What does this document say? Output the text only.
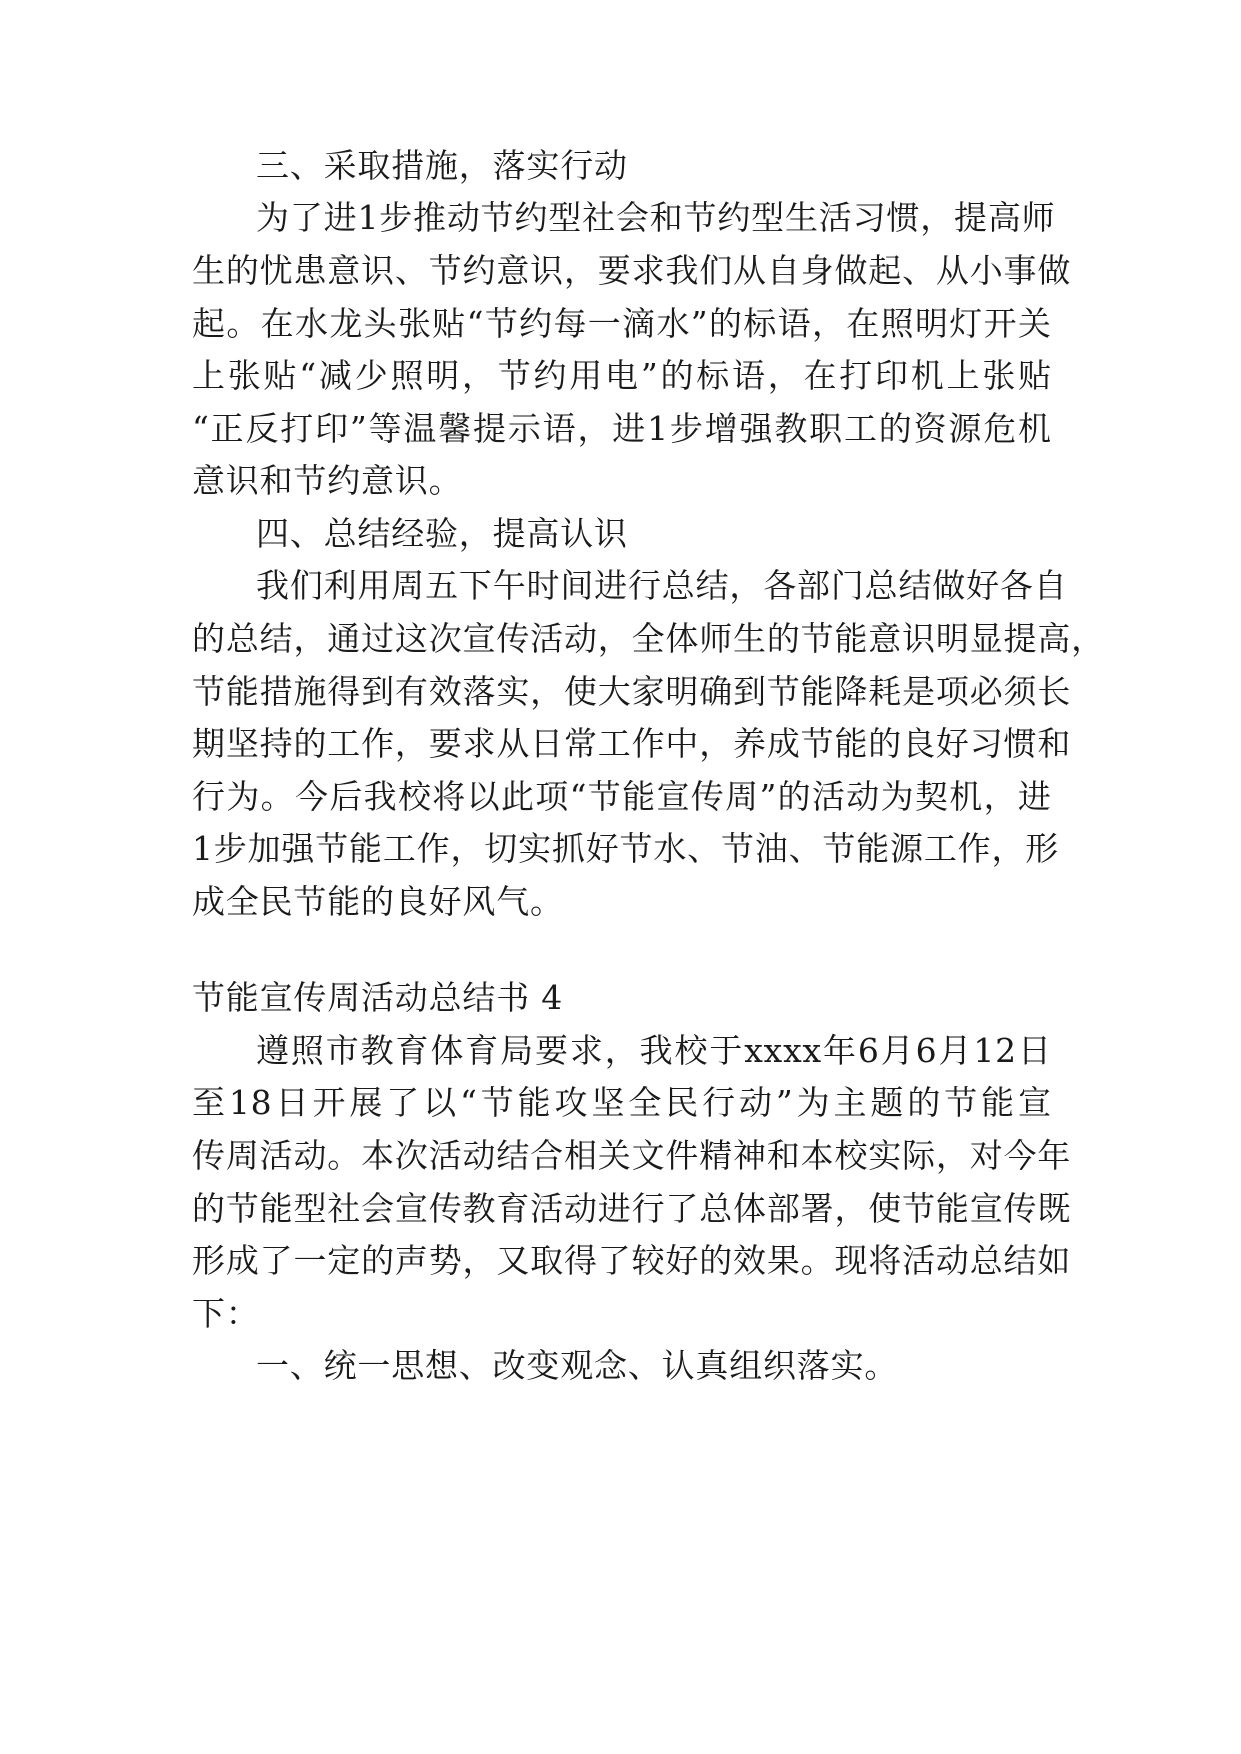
三、采取措施，落实行动
为 了 进 1 步 推 动 节 约 型 社 会 和 节 约 型 生 活 习 惯 ， 提 高 师
生 的 忧 患 意 识 、 节 约 意 识 ， 要 求 我 们 从 自 身 做 起 、 从 小 事 做
起 。 在 水 龙 头 张 贴 “ 节 约 每 一 滴 水 ” 的 标 语 ， 在 照 明 灯 开 关
上 张 贴 “ 减 少 照 明 ， 节 约 用 电 ” 的 标 语 ， 在 打 印 机 上 张 贴
“ 正 反 打 印 ” 等 温 馨 提 示 语 ， 进 1 步 增 强 教 职 工 的 资 源 危 机
意识和节约意识。
四、总结经验，提高认识
我 们 利 用 周 五 下 午 时 间 进 行 总 结 ， 各 部 门 总 结 做 好 各 自
的 总 结 ， 通 过 这 次 宣 传 活 动 ， 全 体 师 生 的 节 能 意 识 明 显 提 高 ，
节 能 措 施 得 到 有 效 落 实 ， 使 大 家 明 确 到 节 能 降 耗 是 项 必 须 长
期 坚 持 的 工 作 ， 要 求 从 日 常 工 作 中 ， 养 成 节 能 的 良 好 习 惯 和
行 为 。 今 后 我 校 将 以 此 项 “ 节 能 宣 传 周 ” 的 活 动 为 契 机 ， 进
1 步 加 强 节 能 工 作 ， 切 实 抓 好 节 水 、 节 油 、 节 能 源 工 作 ， 形
成全民节能的良好风气。
节能宣传周活动总结书 4
遵 照 市 教 育 体 育 局 要 求 ， 我 校 于 xxxx 年 6 月 6 月 12 日
至 18 日 开 展 了 以 “ 节 能 攻 坚 全 民 行 动 ” 为 主 题 的 节 能 宣
传 周 活 动 。 本 次 活 动 结 合 相 关 文 件 精 神 和 本 校 实 际 ， 对 今 年
的 节 能 型 社 会 宣 传 教 育 活 动 进 行 了 总 体 部 署 ， 使 节 能 宣 传 既
形 成 了 一 定 的 声 势 ， 又 取 得 了 较 好 的 效 果 。 现 将 活 动 总 结 如
下：
一、统一思想、改变观念、认真组织落实。
